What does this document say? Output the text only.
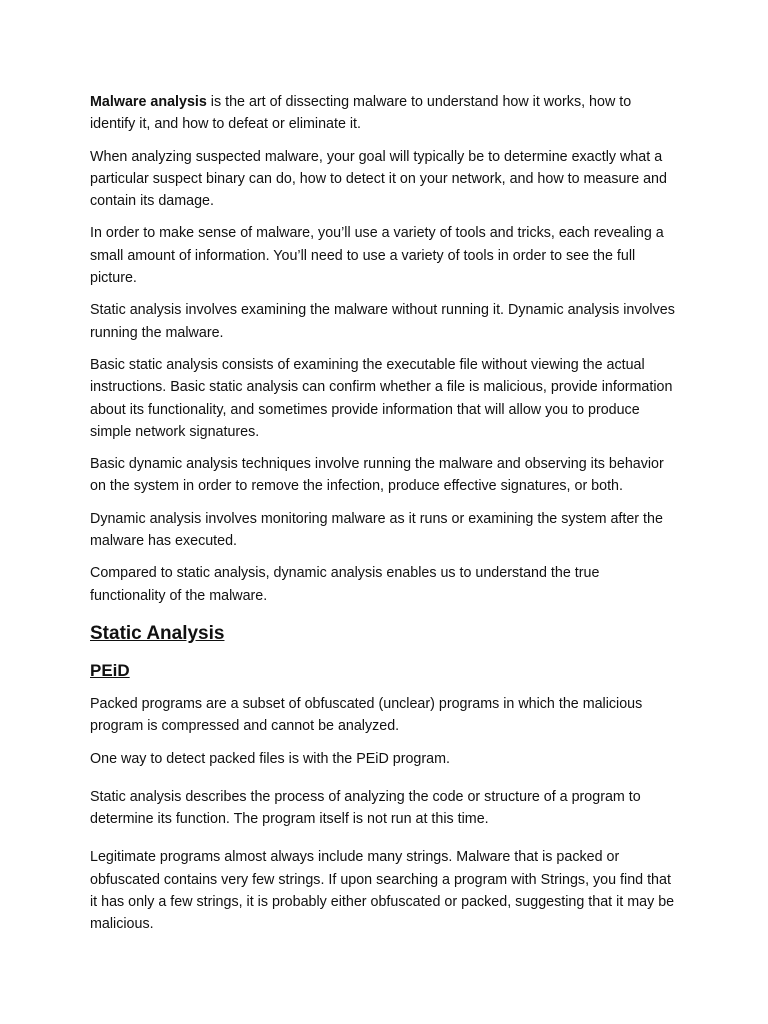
Malware analysis is the art of dissecting malware to understand how it works, how to identify it, and how to defeat or eliminate it.

When analyzing suspected malware, your goal will typically be to determine exactly what a particular suspect binary can do, how to detect it on your network, and how to measure and contain its damage.

In order to make sense of malware, you’ll use a variety of tools and tricks, each revealing a small amount of information. You’ll need to use a variety of tools in order to see the full picture.

Static analysis involves examining the malware without running it. Dynamic analysis involves running the malware.

Basic static analysis consists of examining the executable file without viewing the actual instructions. Basic static analysis can confirm whether a file is malicious, provide information about its functionality, and sometimes provide information that will allow you to produce simple network signatures.

Basic dynamic analysis techniques involve running the malware and observing its behavior on the system in order to remove the infection, produce effective signatures, or both.

Dynamic analysis involves monitoring malware as it runs or examining the system after the malware has executed.

Compared to static analysis, dynamic analysis enables us to understand the true functionality of the malware.

Static Analysis
PEiD

Packed programs are a subset of obfuscated (unclear) programs in which the malicious program is compressed and cannot be analyzed.

One way to detect packed files is with the PEiD program.

Static analysis describes the process of analyzing the code or structure of a program to determine its function. The program itself is not run at this time.

Legitimate programs almost always include many strings. Malware that is packed or obfuscated contains very few strings. If upon searching a program with Strings, you find that it has only a few strings, it is probably either obfuscated or packed, suggesting that it may be malicious.
